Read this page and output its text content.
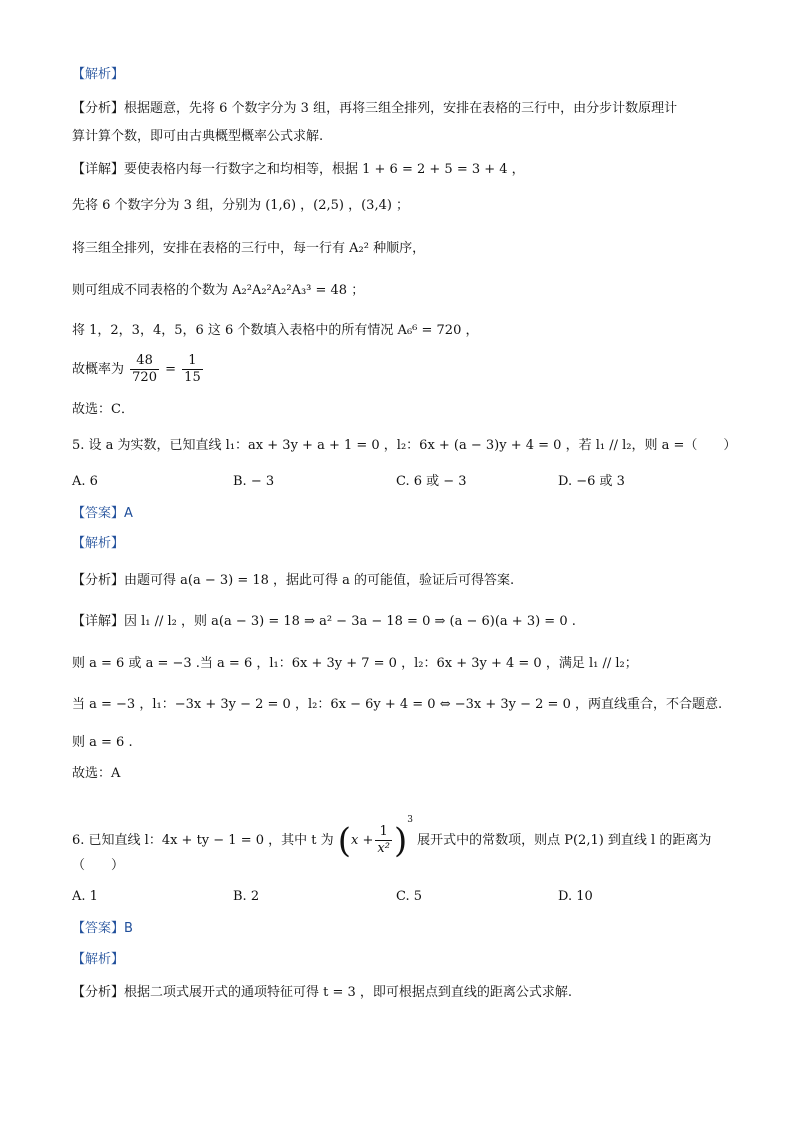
【解析】
【分析】根据题意，先将 6 个数字分为 3 组，再将三组全排列，安排在表格的三行中，由分步计数原理计
算计算个数，即可由古典概型概率公式求解.
【详解】要使表格内每一行数字之和均相等，根据 1 + 6 = 2 + 5 = 3 + 4 ，
先将 6 个数字分为 3 组，分别为 (1,6) ，(2,5) ，(3,4) ；
将三组全排列，安排在表格的三行中，每一行有 A₂² 种顺序，
则可组成不同表格的个数为 A₂²A₂²A₂²A₃³ = 48 ；
将 1，2，3，4，5，6 这 6 个数填入表格中的所有情况 A₆⁶ = 720 ，
故概率为 $\frac{48}{720} = \frac{1}{15}$
故选：C．
5. 设 a 为实数，已知直线 l₁：ax + 3y + a + 1 = 0 ，l₂：6x + (a − 3)y + 4 = 0 ，若 l₁ // l₂，则 a =（　　）
A. 6	B. − 3	C. 6 或 − 3	D. −6 或 3
【答案】A
【解析】
【分析】由题可得 a(a − 3) = 18 ，据此可得 a 的可能值，验证后可得答案.
【详解】因 l₁ // l₂ ，则 a(a − 3) = 18 ⇒ a² − 3a − 18 = 0 ⇒ (a − 6)(a + 3) = 0 .
则 a = 6 或 a = −3 .当 a = 6 ，l₁：6x + 3y + 7 = 0 ，l₂：6x + 3y + 4 = 0 ，满足 l₁ // l₂；
当 a = −3 ，l₁：−3x + 3y − 2 = 0 ，l₂：6x − 6y + 4 = 0 ⇔ −3x + 3y − 2 = 0 ，两直线重合，不合题意.
则 a = 6 .
故选：A
6. 已知直线 l：4x + ty − 1 = 0 ，其中 t 为 $(x + \frac{1}{\text{x²}} )^3$ 展开式中的常数项，则点 P(2,1) 到直线 l 的距离为
（　　）
A. 1	B. 2	C. 5	D. 10
【答案】B
【解析】
【分析】根据二项式展开式的通项特征可得 t = 3 ，即可根据点到直线的距离公式求解.
